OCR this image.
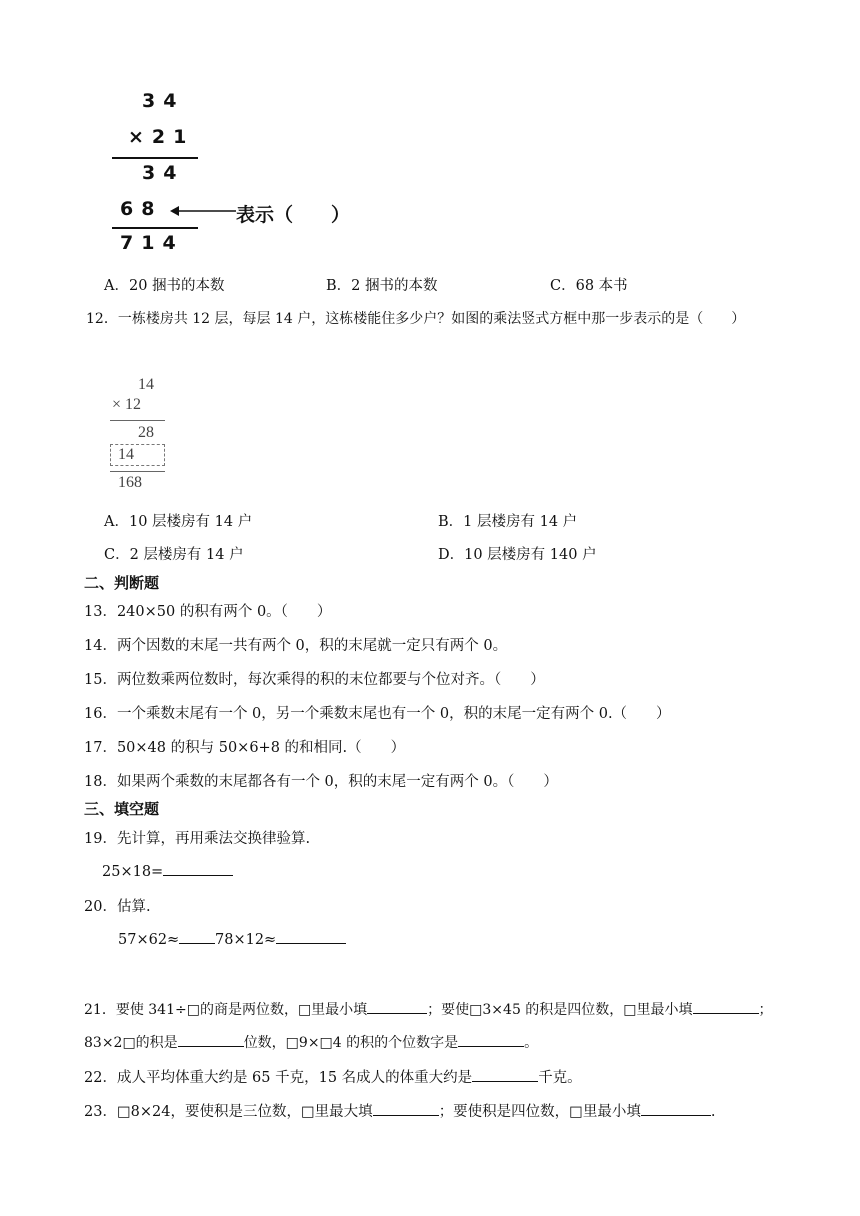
34
×21
34
68	表示（　　）
714
A．20 捆书的本数	B．2 捆书的本数	C．68 本书
12．一栋楼房共 12 层，每层 14 户，这栋楼能住多少户？如图的乘法竖式方框中那一步表示的是（　　）
14
× 12
28
14
168
A．10 层楼房有 14 户	B．1 层楼房有 14 户
C．2 层楼房有 14 户	D．10 层楼房有 140 户
二、判断题
13．240×50 的积有两个 0。（　　）
14．两个因数的末尾一共有两个 0，积的末尾就一定只有两个 0。
15．两位数乘两位数时，每次乘得的积的末位都要与个位对齐。（　　）
16．一个乘数末尾有一个 0，另一个乘数末尾也有一个 0，积的末尾一定有两个 0.（　　）
17．50×48 的积与 50×6+8 的和相同.（　　）
18．如果两个乘数的末尾都各有一个 0，积的末尾一定有两个 0。（　　）
三、填空题
19．先计算，再用乘法交换律验算.
25×18=
20．估算.
57×62≈	78×12≈
21．要使 341÷□的商是两位数，□里最小填	；要使□3×45 的积是四位数，□里最小填	；
83×2□的积是	位数，□9×□4 的积的个位数字是	。
22．成人平均体重大约是 65 千克，15 名成人的体重大约是	千克。
23．□8×24，要使积是三位数，□里最大填	；要使积是四位数，□里最小填	.
